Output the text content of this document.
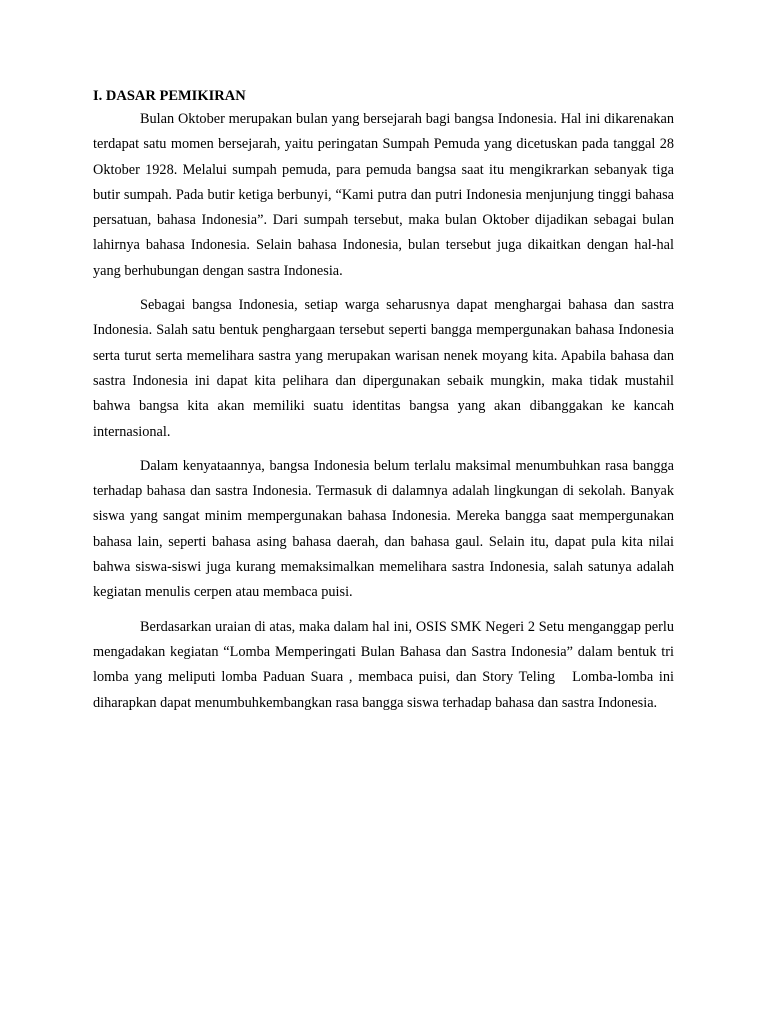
I. DASAR PEMIKIRAN

Bulan Oktober merupakan bulan yang bersejarah bagi bangsa Indonesia. Hal ini dikarenakan terdapat satu momen bersejarah, yaitu peringatan Sumpah Pemuda yang dicetuskan pada tanggal 28 Oktober 1928. Melalui sumpah pemuda, para pemuda bangsa saat itu mengikrarkan sebanyak tiga butir sumpah. Pada butir ketiga berbunyi, “Kami putra dan putri Indonesia menjunjung tinggi bahasa persatuan, bahasa Indonesia”. Dari sumpah tersebut, maka bulan Oktober dijadikan sebagai bulan lahirnya bahasa Indonesia. Selain bahasa Indonesia, bulan tersebut juga dikaitkan dengan hal-hal yang berhubungan dengan sastra Indonesia.

Sebagai bangsa Indonesia, setiap warga seharusnya dapat menghargai bahasa dan sastra Indonesia. Salah satu bentuk penghargaan tersebut seperti bangga mempergunakan bahasa Indonesia serta turut serta memelihara sastra yang merupakan warisan nenek moyang kita. Apabila bahasa dan sastra Indonesia ini dapat kita pelihara dan dipergunakan sebaik mungkin, maka tidak mustahil bahwa bangsa kita akan memiliki suatu identitas bangsa yang akan dibanggakan ke kancah internasional.

Dalam kenyataannya, bangsa Indonesia belum terlalu maksimal menumbuhkan rasa bangga terhadap bahasa dan sastra Indonesia. Termasuk di dalamnya adalah lingkungan di sekolah. Banyak siswa yang sangat minim mempergunakan bahasa Indonesia. Mereka bangga saat mempergunakan bahasa lain, seperti bahasa asing bahasa daerah, dan bahasa gaul. Selain itu, dapat pula kita nilai bahwa siswa-siswi juga kurang memaksimalkan memelihara sastra Indonesia, salah satunya adalah kegiatan menulis cerpen atau membaca puisi.

Berdasarkan uraian di atas, maka dalam hal ini, OSIS SMK Negeri 2 Setu menganggap perlu mengadakan kegiatan “Lomba Memperingati Bulan Bahasa dan Sastra Indonesia” dalam bentuk tri lomba yang meliputi lomba Paduan Suara , membaca puisi, dan Story Teling   Lomba-lomba ini diharapkan dapat menumbuhkembangkan rasa bangga siswa terhadap bahasa dan sastra Indonesia.
